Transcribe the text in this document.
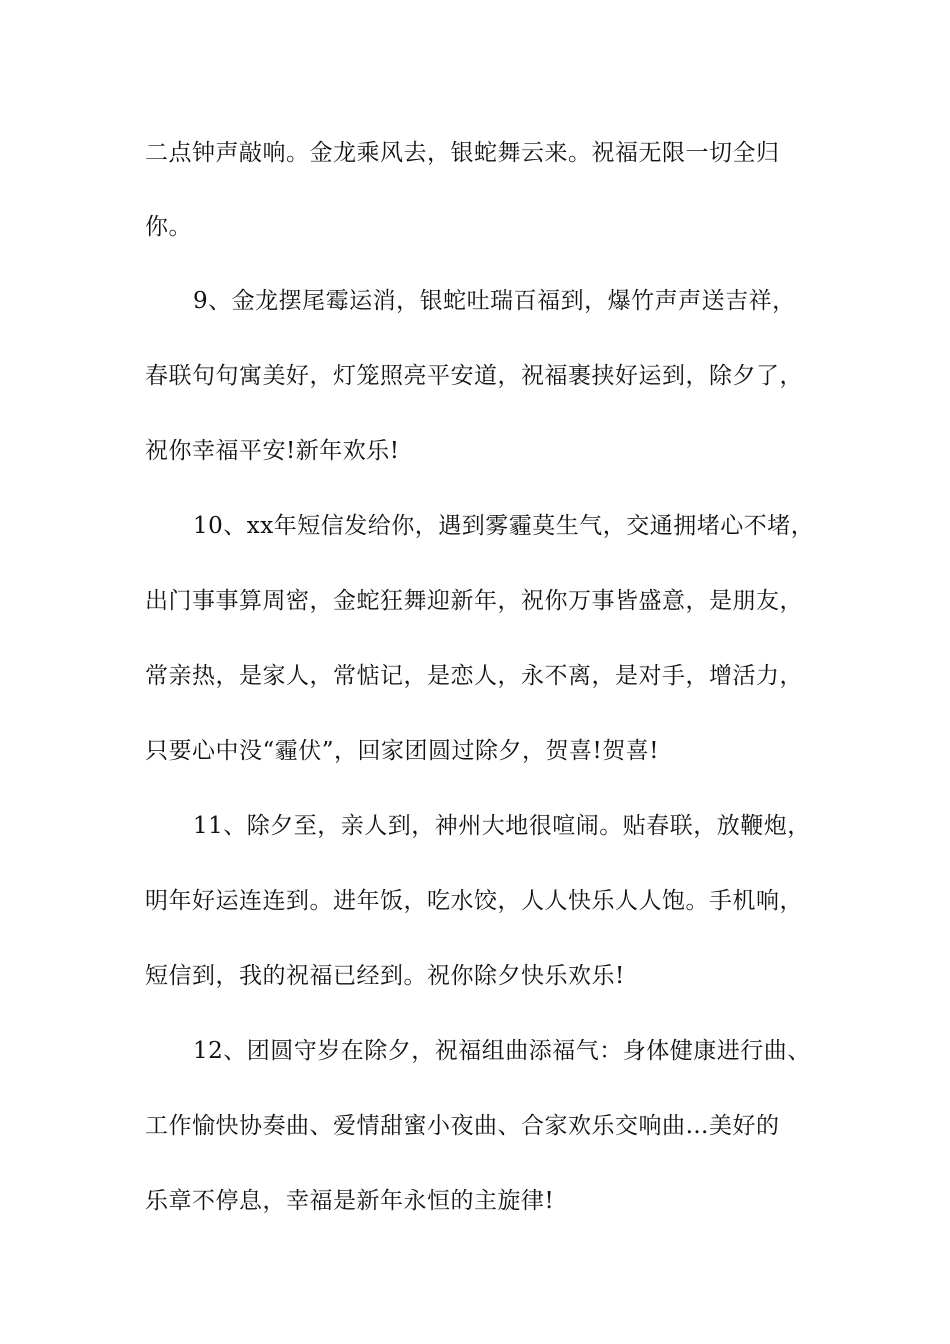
二点钟声敲响。金龙乘风去，银蛇舞云来。祝福无限一切全归
你。
9、金龙摆尾霉运消，银蛇吐瑞百福到，爆竹声声送吉祥，
春联句句寓美好，灯笼照亮平安道，祝福裹挟好运到，除夕了，
祝你幸福平安!新年欢乐!
10、xx年短信发给你，遇到雾霾莫生气，交通拥堵心不堵，
出门事事算周密，金蛇狂舞迎新年，祝你万事皆盛意，是朋友，
常亲热，是家人，常惦记，是恋人，永不离，是对手，增活力，
只要心中没“霾伏”，回家团圆过除夕，贺喜!贺喜!
11、除夕至，亲人到，神州大地很喧闹。贴春联，放鞭炮，
明年好运连连到。进年饭，吃水饺，人人快乐人人饱。手机响，
短信到，我的祝福已经到。祝你除夕快乐欢乐!
12、团圆守岁在除夕，祝福组曲添福气：身体健康进行曲、
工作愉快协奏曲、爱情甜蜜小夜曲、合家欢乐交响曲…美好的
乐章不停息，幸福是新年永恒的主旋律!
